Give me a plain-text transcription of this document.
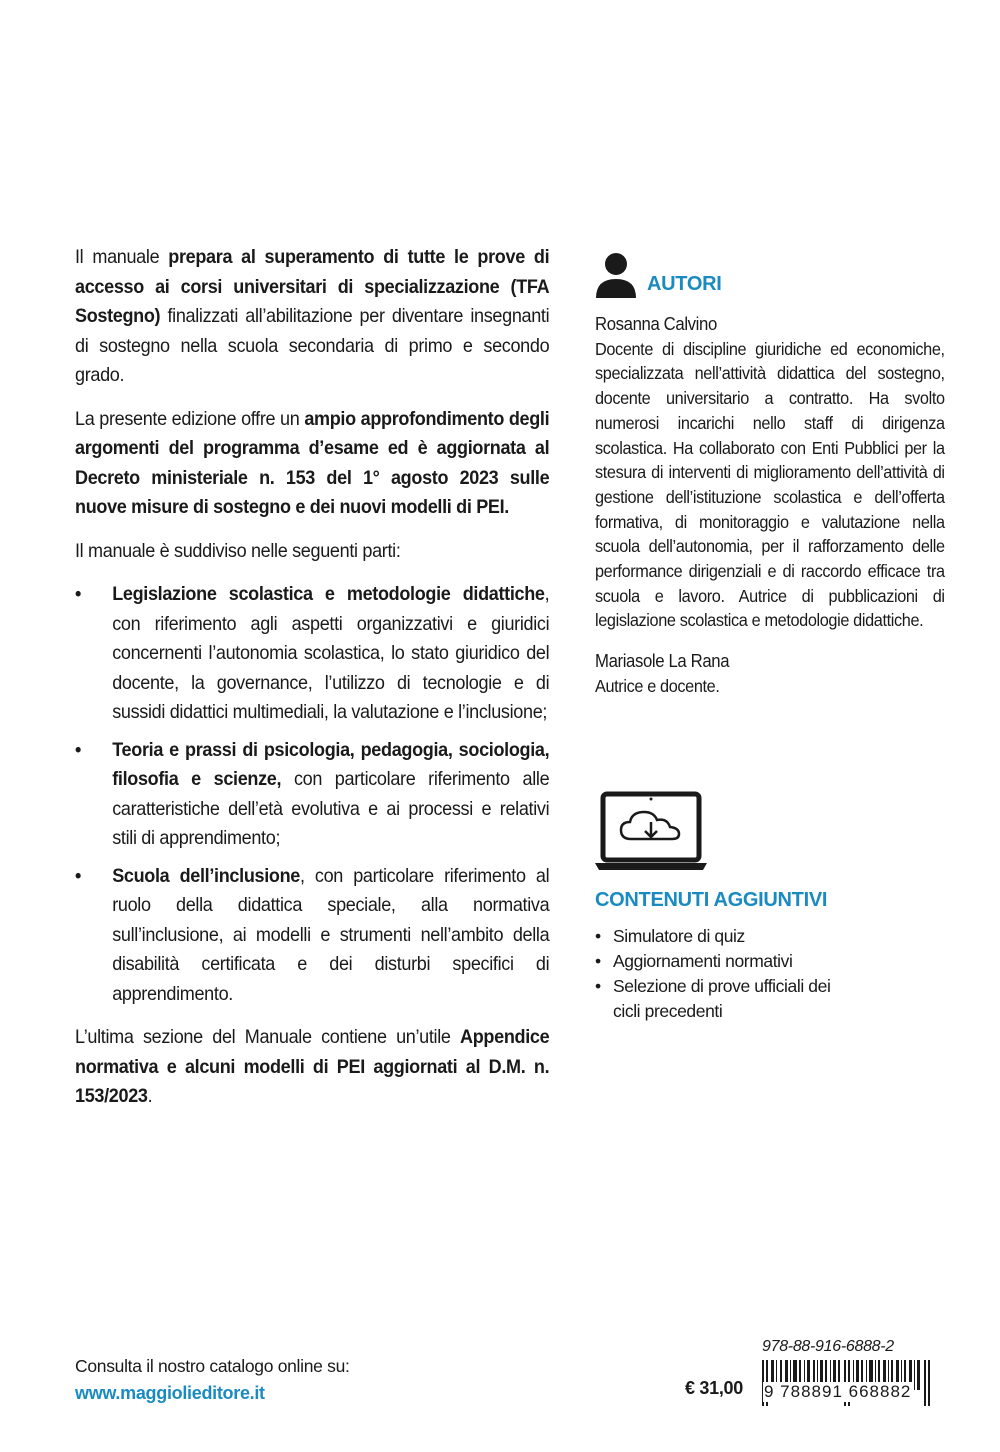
Il manuale prepara al superamento di tutte le prove di accesso ai corsi universitari di specializzazione (TFA Sostegno) finalizzati all’abilitazione per diventare insegnanti di sostegno nella scuola secondaria di primo e secondo grado.

La presente edizione offre un ampio approfondimento degli argomenti del programma d’esame ed è aggiornata al Decreto ministeriale n. 153 del 1° agosto 2023 sulle nuove misure di sostegno e dei nuovi modelli di PEI.

Il manuale è suddiviso nelle seguenti parti:

• Legislazione scolastica e metodologie didattiche, con riferimento agli aspetti organizzativi e giuridici concernenti l’autonomia scolastica, lo stato giuridico del docente, la governance, l’utilizzo di tecnologie e di sussidi didattici multimediali, la valutazione e l’inclusione;
• Teoria e prassi di psicologia, pedagogia, sociologia, filosofia e scienze, con particolare riferimento alle caratteristiche dell’età evolutiva e ai processi e relativi stili di apprendimento;
• Scuola dell’inclusione, con particolare riferimento al ruolo della didattica speciale, alla normativa sull’inclusione, ai modelli e strumenti nell’ambito della disabilità certificata e dei disturbi specifici di apprendimento.

L’ultima sezione del Manuale contiene un’utile Appendice normativa e alcuni modelli di PEI aggiornati al D.M. n. 153/2023.

AUTORI
Rosanna Calvino
Docente di discipline giuridiche ed economiche, specializzata nell’attività didattica del sostegno, docente universitario a contratto. Ha svolto numerosi incarichi nello staff di dirigenza scolastica. Ha collaborato con Enti Pubblici per la stesura di interventi di miglioramento dell’attività di gestione dell’istituzione scolastica e dell’offerta formativa, di monitoraggio e valutazione nella scuola dell’autonomia, per il rafforzamento delle performance dirigenziali e di raccordo efficace tra scuola e lavoro. Autrice di pubblicazioni di legislazione scolastica e metodologie didattiche.
Mariasole La Rana
Autrice e docente.
CONTENUTI AGGIUNTIVI
• Simulatore di quiz
• Aggiornamenti normativi
• Selezione di prove ufficiali dei cicli precedenti
Consulta il nostro catalogo online su:
www.maggiolieditore.it	€ 31,00
978-88-916-6888-2
9 788891 668882
